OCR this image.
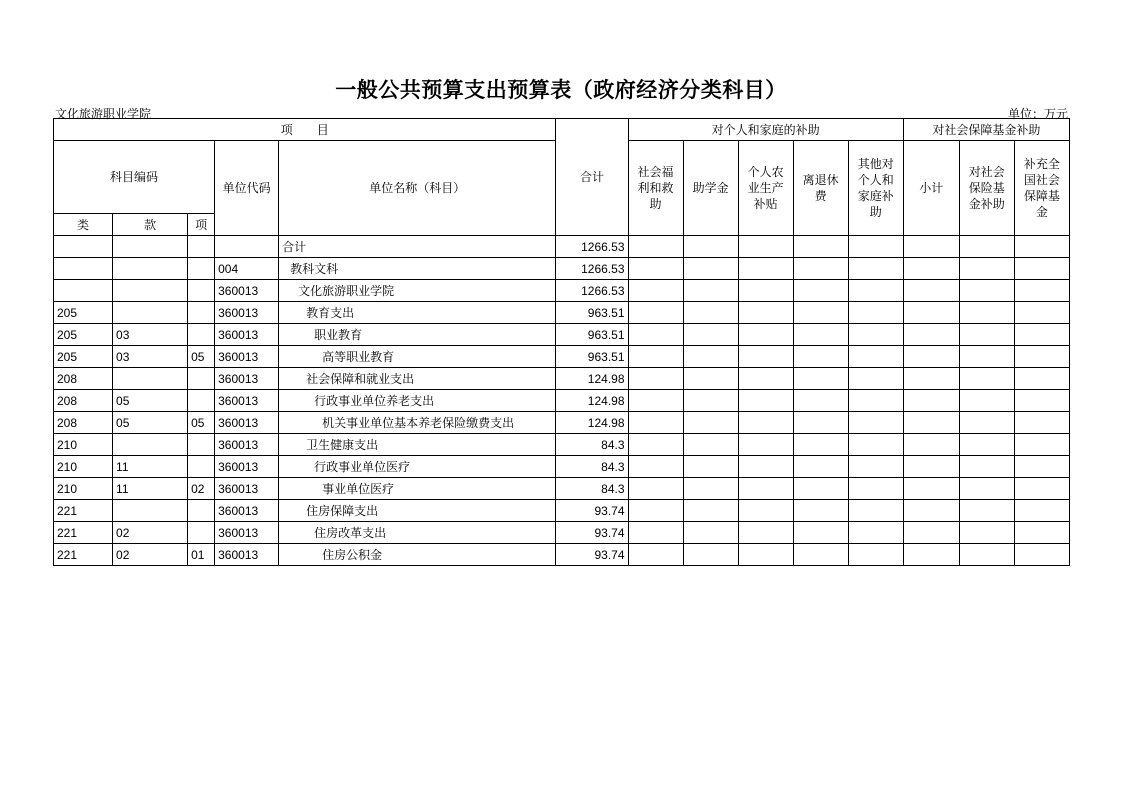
一般公共预算支出预算表（政府经济分类科目）
文化旅游职业学院	单位：万元
项　　目					合计	对个人和家庭的补助					对社会保障基金补助		
科目编码			单位代码	单位名称（科目）		社会福利和救助	助学金	个人农业生产补贴	离退休费	其他对个人和家庭补助	小计	对社会保险基金补助	补充全国社会保障基金
类	款	项											
				合计	1266.53								
			004	教科文科	1266.53								
			360013	文化旅游职业学院	1266.53								
205			360013	教育支出	963.51								
205	03		360013	职业教育	963.51								
205	03	05	360013	高等职业教育	963.51								
208			360013	社会保障和就业支出	124.98								
208	05		360013	行政事业单位养老支出	124.98								
208	05	05	360013	机关事业单位基本养老保险缴费支出	124.98								
210			360013	卫生健康支出	84.3								
210	11		360013	行政事业单位医疗	84.3								
210	11	02	360013	事业单位医疗	84.3								
221			360013	住房保障支出	93.74								
221	02		360013	住房改革支出	93.74								
221	02	01	360013	住房公积金	93.74								
